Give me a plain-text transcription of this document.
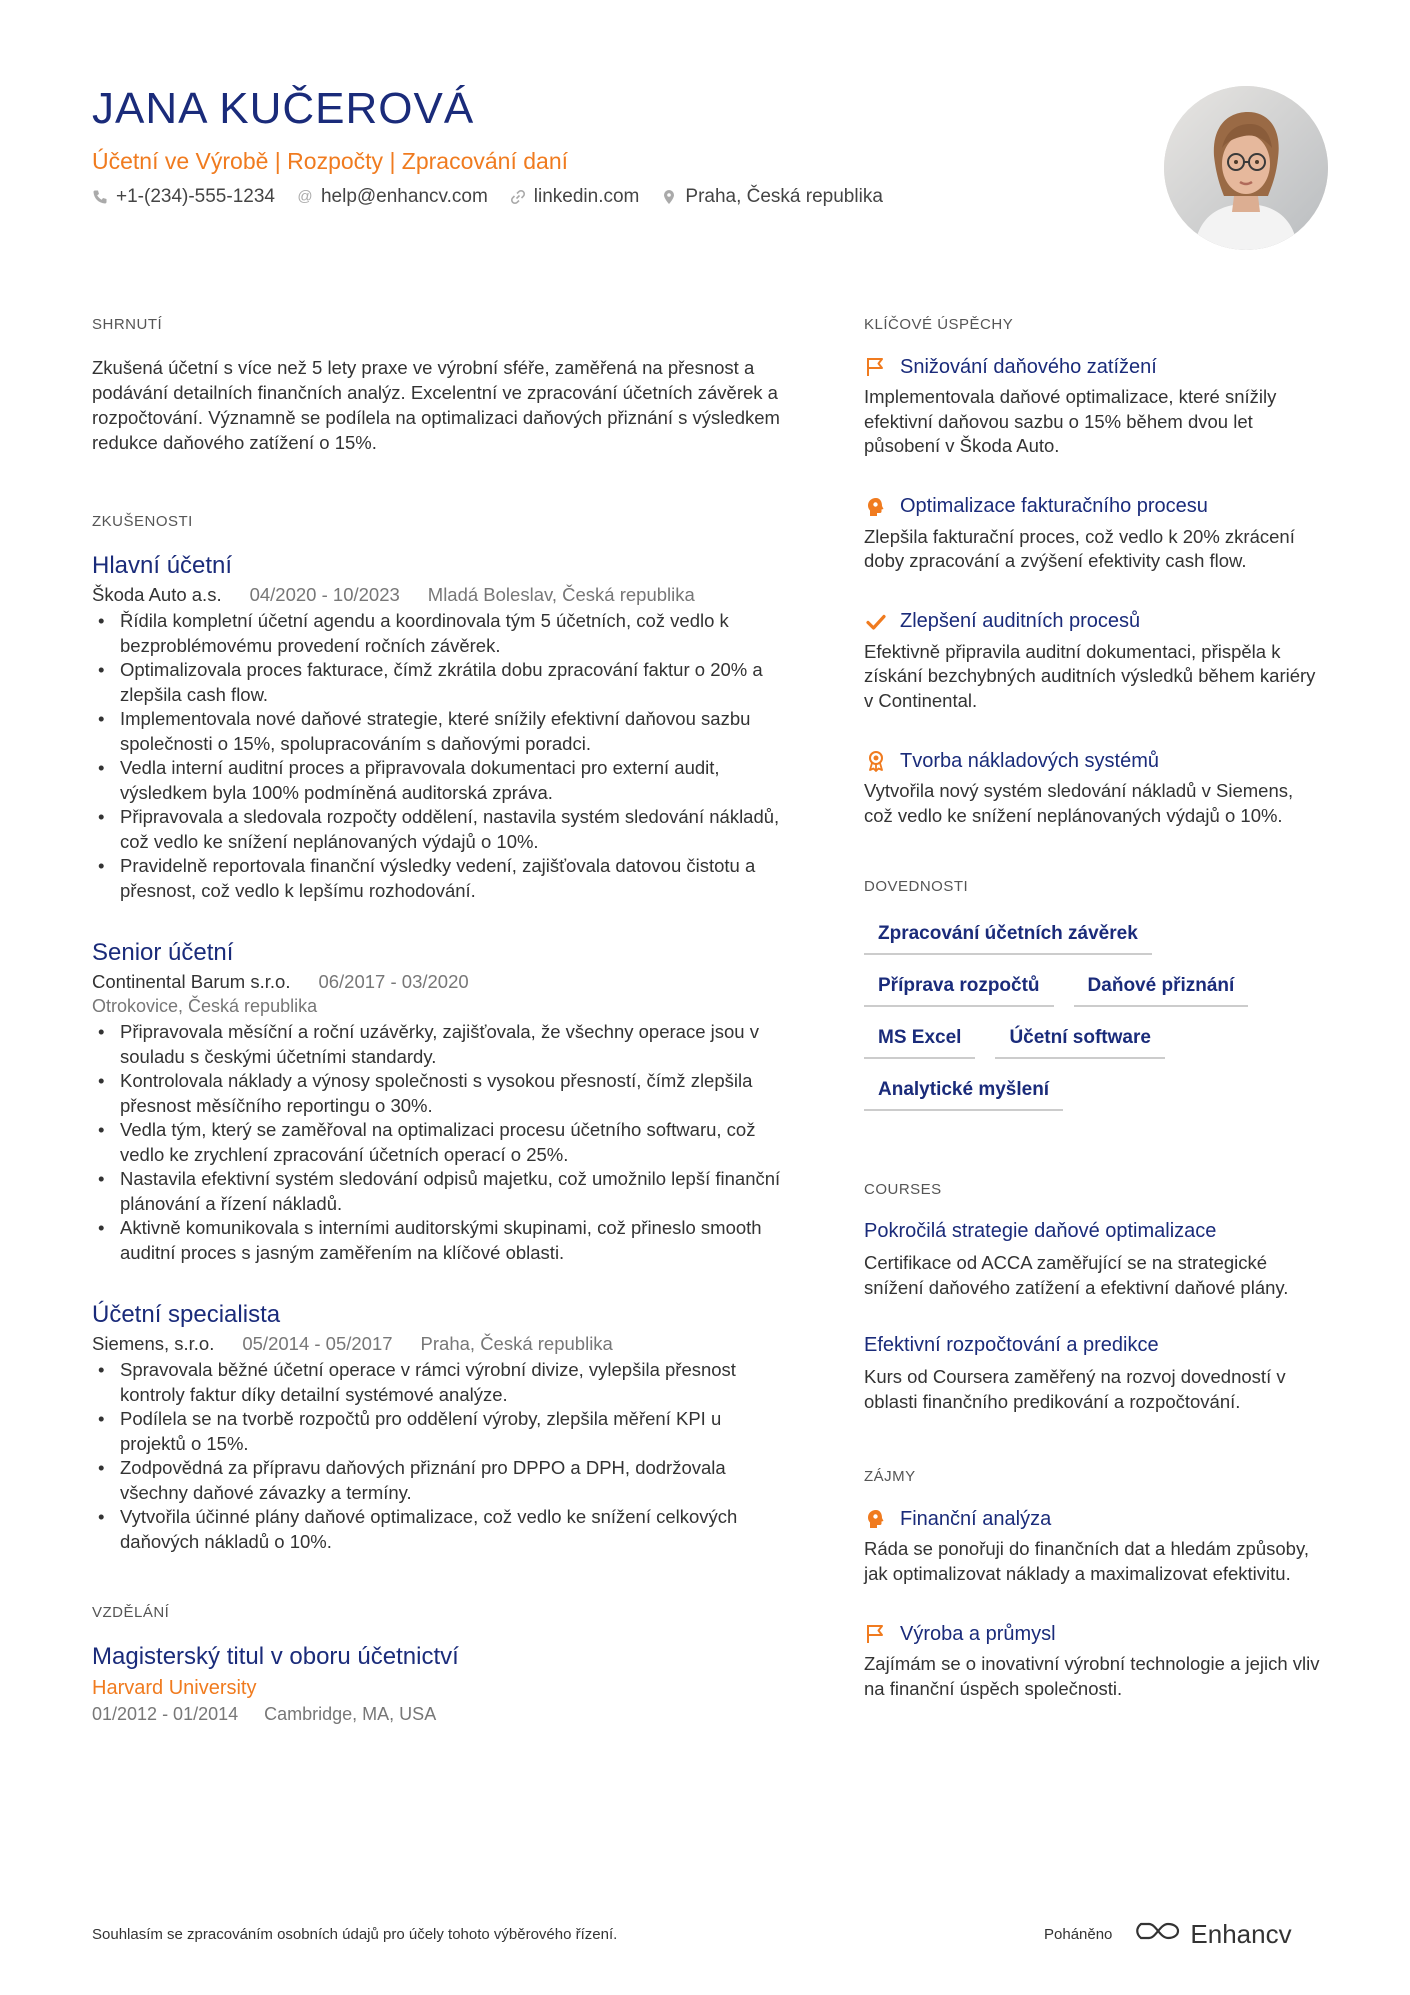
JANA KUČEROVÁ
Účetní ve Výrobě | Rozpočty | Zpracování daní
+1-(234)-555-1234 @ help@enhancv.com linkedin.com Praha, Česká republika
SHRNUTÍ
Zkušená účetní s více než 5 lety praxe ve výrobní sféře, zaměřená na přesnost a podávání detailních finančních analýz. Excelentní ve zpracování účetních závěrek a rozpočtování. Významně se podílela na optimalizaci daňových přiznání s výsledkem redukce daňového zatížení o 15%.
ZKUŠENOSTI
Hlavní účetní
Škoda Auto a.s. 04/2020 - 10/2023 Mladá Boleslav, Česká republika
• Řídila kompletní účetní agendu a koordinovala tým 5 účetních, což vedlo k bezproblémovému provedení ročních závěrek.
• Optimalizovala proces fakturace, čímž zkrátila dobu zpracování faktur o 20% a zlepšila cash flow.
• Implementovala nové daňové strategie, které snížily efektivní daňovou sazbu společnosti o 15%, spolupracováním s daňovými poradci.
• Vedla interní auditní proces a připravovala dokumentaci pro externí audit, výsledkem byla 100% podmíněná auditorská zpráva.
• Připravovala a sledovala rozpočty oddělení, nastavila systém sledování nákladů, což vedlo ke snížení neplánovaných výdajů o 10%.
• Pravidelně reportovala finanční výsledky vedení, zajišťovala datovou čistotu a přesnost, což vedlo k lepšímu rozhodování.
Senior účetní
Continental Barum s.r.o. 06/2017 - 03/2020
Otrokovice, Česká republika
• Připravovala měsíční a roční uzávěrky, zajišťovala, že všechny operace jsou v souladu s českými účetními standardy.
• Kontrolovala náklady a výnosy společnosti s vysokou přesností, čímž zlepšila přesnost měsíčního reportingu o 30%.
• Vedla tým, který se zaměřoval na optimalizaci procesu účetního softwaru, což vedlo ke zrychlení zpracování účetních operací o 25%.
• Nastavila efektivní systém sledování odpisů majetku, což umožnilo lepší finanční plánování a řízení nákladů.
• Aktivně komunikovala s interními auditorskými skupinami, což přineslo smooth auditní proces s jasným zaměřením na klíčové oblasti.
Účetní specialista
Siemens, s.r.o. 05/2014 - 05/2017 Praha, Česká republika
• Spravovala běžné účetní operace v rámci výrobní divize, vylepšila přesnost kontroly faktur díky detailní systémové analýze.
• Podílela se na tvorbě rozpočtů pro oddělení výroby, zlepšila měření KPI u projektů o 15%.
• Zodpovědná za přípravu daňových přiznání pro DPPO a DPH, dodržovala všechny daňové závazky a termíny.
• Vytvořila účinné plány daňové optimalizace, což vedlo ke snížení celkových daňových nákladů o 10%.
VZDĚLÁNÍ
Magisterský titul v oboru účetnictví
Harvard University
01/2012 - 01/2014 Cambridge, MA, USA
KLÍČOVÉ ÚSPĚCHY
Snižování daňového zatížení
Implementovala daňové optimalizace, které snížily efektivní daňovou sazbu o 15% během dvou let působení v Škoda Auto.
Optimalizace fakturačního procesu
Zlepšila fakturační proces, což vedlo k 20% zkrácení doby zpracování a zvýšení efektivity cash flow.
Zlepšení auditních procesů
Efektivně připravila auditní dokumentaci, přispěla k získání bezchybných auditních výsledků během kariéry v Continental.
Tvorba nákladových systémů
Vytvořila nový systém sledování nákladů v Siemens, což vedlo ke snížení neplánovaných výdajů o 10%.
DOVEDNOSTI
Zpracování účetních závěrek
Příprava rozpočtů	Daňové přiznání
MS Excel	Účetní software
Analytické myšlení
COURSES
Pokročilá strategie daňové optimalizace
Certifikace od ACCA zaměřující se na strategické snížení daňového zatížení a efektivní daňové plány.
Efektivní rozpočtování a predikce
Kurs od Coursera zaměřený na rozvoj dovedností v oblasti finančního predikování a rozpočtování.
ZÁJMY
Finanční analýza
Ráda se ponořuji do finančních dat a hledám způsoby, jak optimalizovat náklady a maximalizovat efektivitu.
Výroba a průmysl
Zajímám se o inovativní výrobní technologie a jejich vliv na finanční úspěch společnosti.
Souhlasím se zpracováním osobních údajů pro účely tohoto výběrového řízení.	Poháněno	Enhancv
